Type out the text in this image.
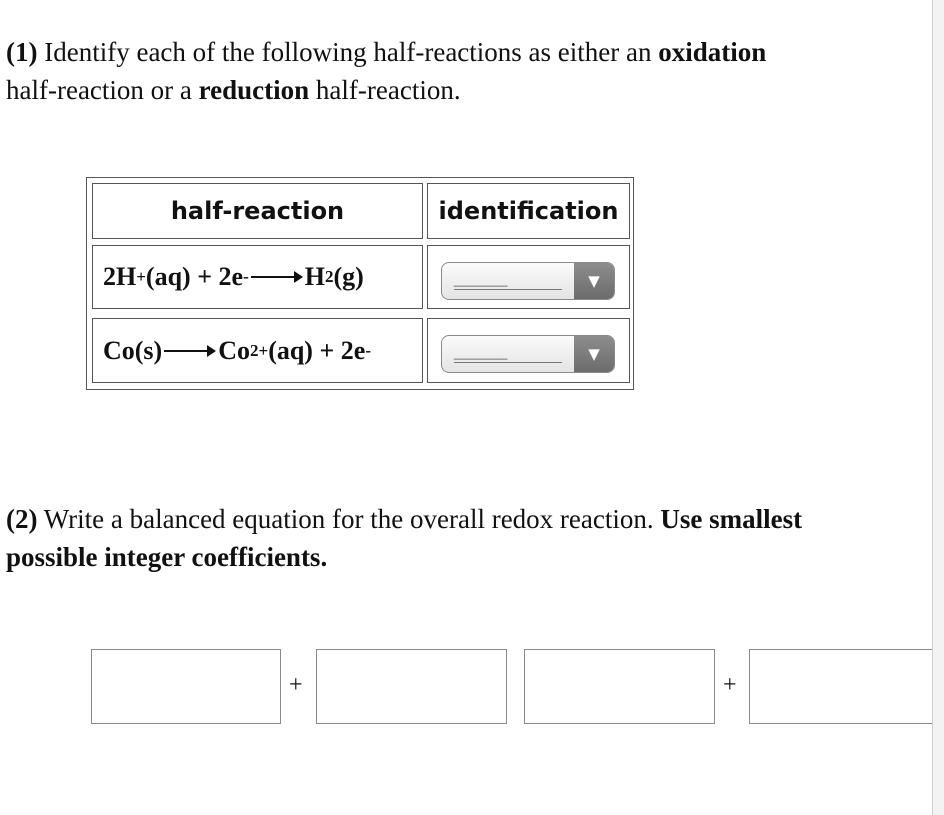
(1) Identify each of the following half-reactions as either an oxidation
half-reaction or a reduction half-reaction.
half-reaction	identification
2H + (aq) + 2e - H 2 (g)	________	▼
Co(s) Co 2+ (aq) + 2e -	________	▼
(2) Write a balanced equation for the overall redox reaction. Use smallest possible integer coefficients.
+	+
